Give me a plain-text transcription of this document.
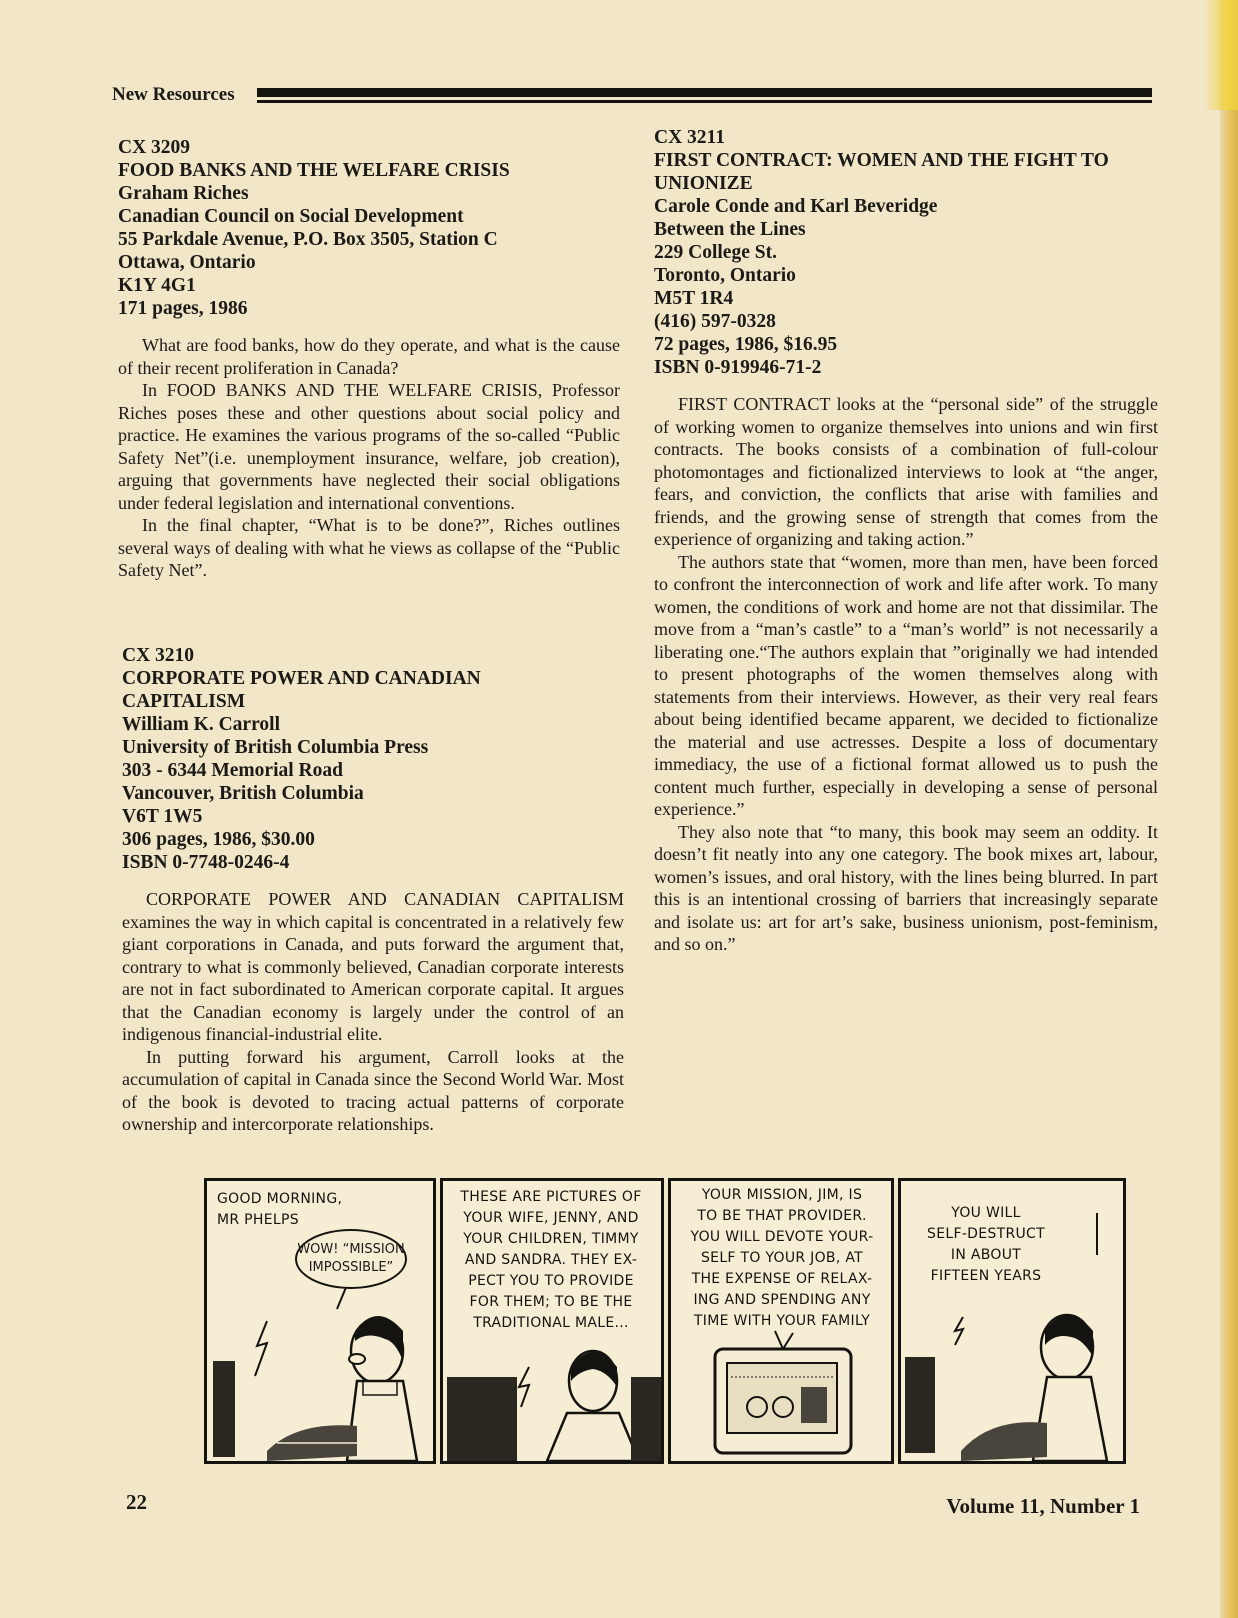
New Resources
CX 3209
FOOD BANKS AND THE WELFARE CRISIS
Graham Riches
Canadian Council on Social Development
55 Parkdale Avenue, P.O. Box 3505, Station C
Ottawa, Ontario
K1Y 4G1
171 pages, 1986

What are food banks, how do they operate, and what is the cause of their recent proliferation in Canada?

In FOOD BANKS AND THE WELFARE CRISIS, Professor Riches poses these and other questions about social policy and practice. He examines the various programs of the so-called “Public Safety Net”(i.e. unemployment insurance, welfare, job creation), arguing that governments have neglected their social obligations under federal legislation and international conventions.

In the final chapter, “What is to be done?”, Riches outlines several ways of dealing with what he views as collapse of the “Public Safety Net”.

CX 3210
CORPORATE POWER AND CANADIAN CAPITALISM
William K. Carroll
University of British Columbia Press
303 - 6344 Memorial Road
Vancouver, British Columbia
V6T 1W5
306 pages, 1986, $30.00
ISBN 0-7748-0246-4

CORPORATE POWER AND CANADIAN CAPITALISM examines the way in which capital is concentrated in a relatively few giant corporations in Canada, and puts forward the argument that, contrary to what is commonly believed, Canadian corporate interests are not in fact subordinated to American corporate capital. It argues that the Canadian economy is largely under the control of an indigenous financial-industrial elite.

In putting forward his argument, Carroll looks at the accumulation of capital in Canada since the Second World War. Most of the book is devoted to tracing actual patterns of corporate ownership and intercorporate relationships.

CX 3211
FIRST CONTRACT: WOMEN AND THE FIGHT TO UNIONIZE
Carole Conde and Karl Beveridge
Between the Lines
229 College St.
Toronto, Ontario
M5T 1R4
(416) 597-0328
72 pages, 1986, $16.95
ISBN 0-919946-71-2

FIRST CONTRACT looks at the “personal side” of the struggle of working women to organize themselves into unions and win first contracts. The books consists of a combination of full-colour photomontages and fictionalized interviews to look at “the anger, fears, and conviction, the conflicts that arise with families and friends, and the growing sense of strength that comes from the experience of organizing and taking action.”

The authors state that “women, more than men, have been forced to confront the interconnection of work and life after work. To many women, the conditions of work and home are not that dissimilar. The move from a “man’s castle” to a “man’s world” is not necessarily a liberating one.“The authors explain that ”originally we had intended to present photographs of the women themselves along with statements from their interviews. However, as their very real fears about being identified became apparent, we decided to fictionalize the material and use actresses. Despite a loss of documentary immediacy, the use of a fictional format allowed us to push the content much further, especially in developing a sense of personal experience.”

They also note that “to many, this book may seem an oddity. It doesn’t fit neatly into any one category. The book mixes art, labour, women’s issues, and oral history, with the lines being blurred. In part this is an intentional crossing of barriers that increasingly separate and isolate us: art for art’s sake, business unionism, post-feminism, and so on.”

GOOD MORNING,
MR PHELPS
WOW! “MISSION
IMPOSSIBLE”
THESE ARE PICTURES OF
YOUR WIFE, JENNY, AND
YOUR CHILDREN, TIMMY
AND SANDRA. THEY EX-
PECT YOU TO PROVIDE
FOR THEM; TO BE THE
TRADITIONAL MALE...
YOUR MISSION, JIM, IS
TO BE THAT PROVIDER.
YOU WILL DEVOTE YOUR-
SELF TO YOUR JOB, AT
THE EXPENSE OF RELAX-
ING AND SPENDING ANY
TIME WITH YOUR FAMILY
YOU WILL
SELF-DESTRUCT
IN ABOUT
FIFTEEN YEARS
22	Volume 11, Number 1
